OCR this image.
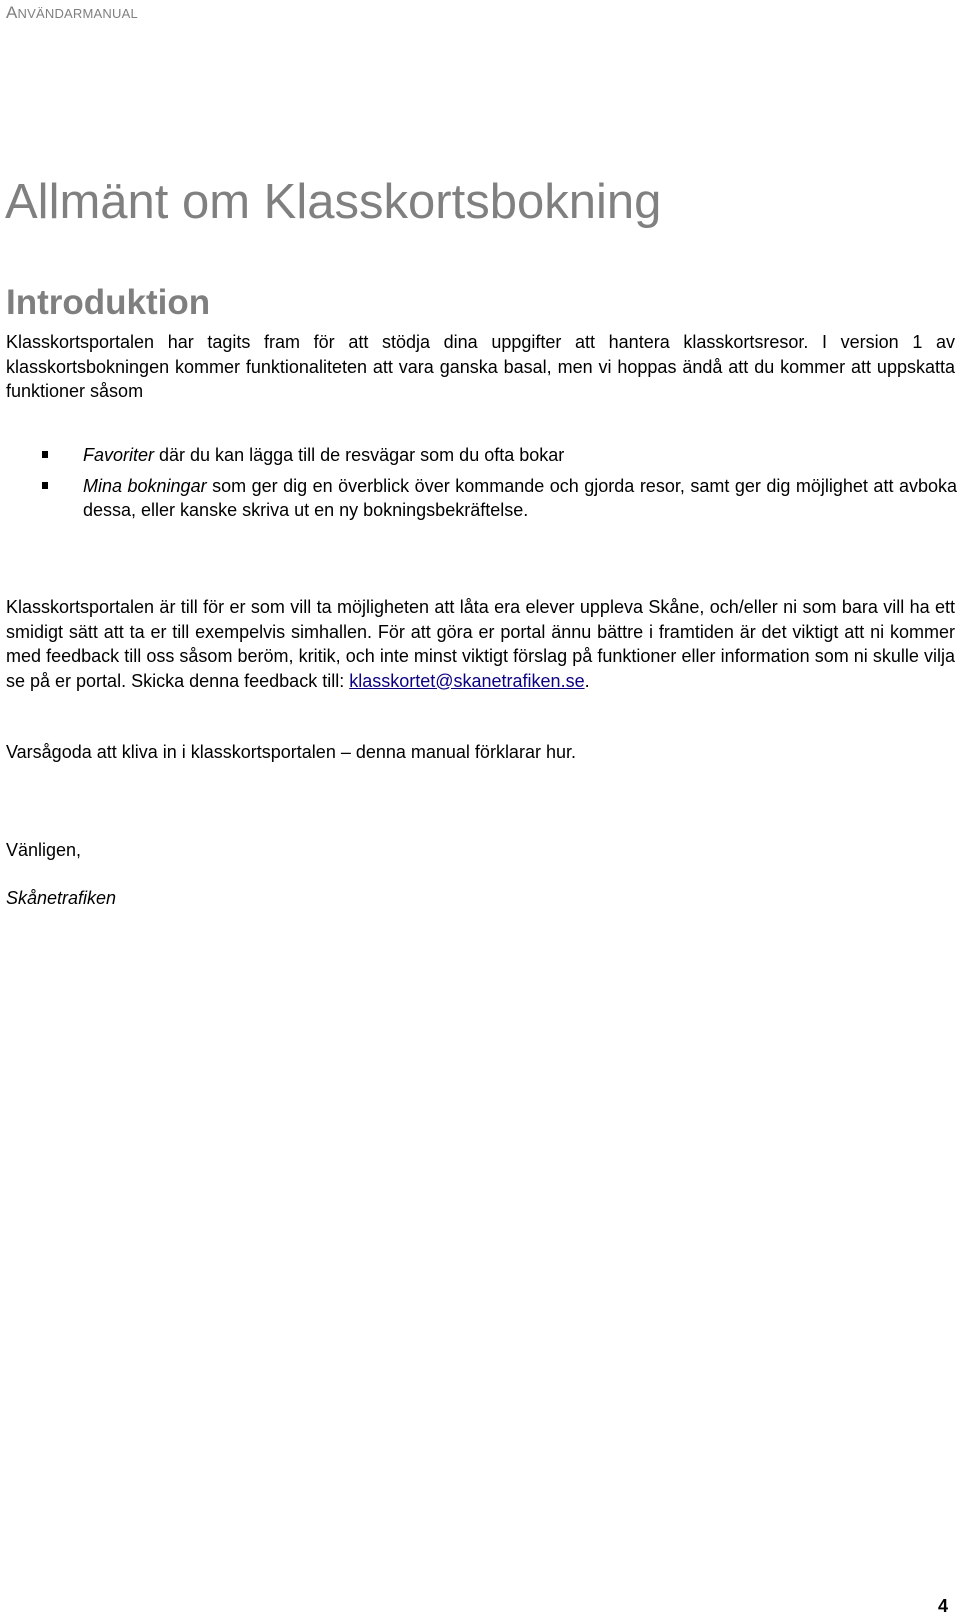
ANVÄNDARMANUAL
Allmänt om Klasskortsbokning
Introduktion

Klasskortsportalen har tagits fram för att stödja dina uppgifter att hantera klasskortsresor. I version 1 av klasskortsbokningen kommer funktionaliteten att vara ganska basal, men vi hoppas ändå att du kommer att uppskatta funktioner såsom

Favoriter där du kan lägga till de resvägar som du ofta bokar
Mina bokningar som ger dig en överblick över kommande och gjorda resor, samt ger dig möjlighet att avboka dessa, eller kanske skriva ut en ny bokningsbekräftelse.

Klasskortsportalen är till för er som vill ta möjligheten att låta era elever uppleva Skåne, och/eller ni som bara vill ha ett smidigt sätt att ta er till exempelvis simhallen. För att göra er portal ännu bättre i framtiden är det viktigt att ni kommer med feedback till oss såsom beröm, kritik, och inte minst viktigt förslag på funktioner eller information som ni skulle vilja se på er portal. Skicka denna feedback till: klasskortet@skanetrafiken.se.

Varsågoda att kliva in i klasskortsportalen – denna manual förklarar hur.

Vänligen,

Skånetrafiken

4
